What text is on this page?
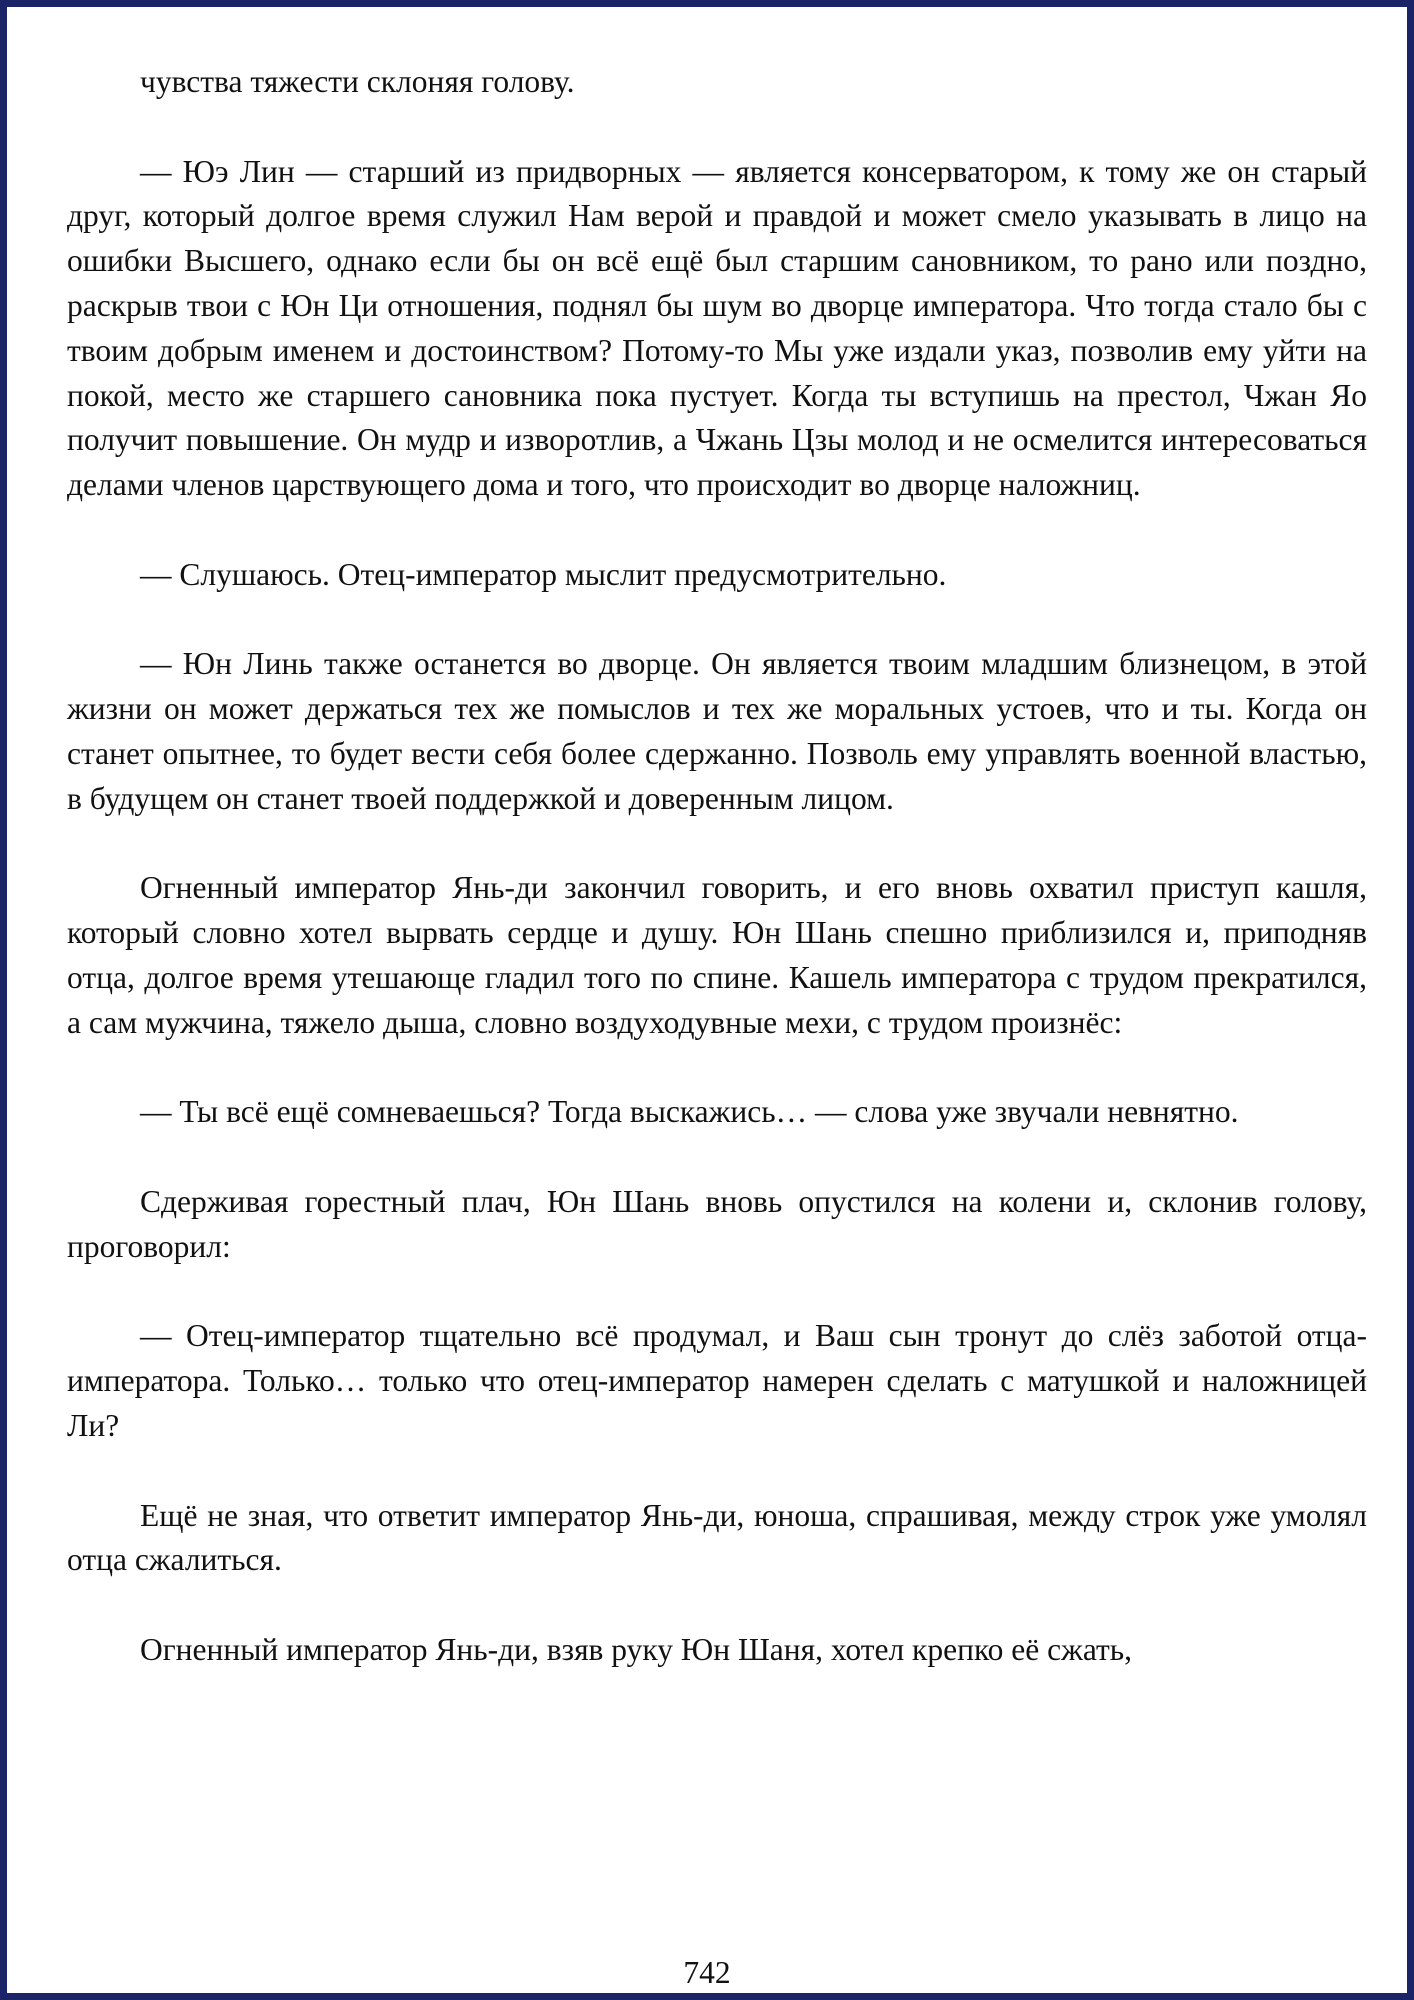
чувства тяжести склоняя голову.

— Юэ Лин — старший из придворных — является консерватором, к тому же он старый друг, который долгое время служил Нам верой и правдой и может смело указывать в лицо на ошибки Высшего, однако если бы он всё ещё был старшим сановником, то рано или поздно, раскрыв твои с Юн Ци отношения, поднял бы шум во дворце императора. Что тогда стало бы с твоим добрым именем и достоинством? Потому-то Мы уже издали указ, позволив ему уйти на покой, место же старшего сановника пока пустует. Когда ты вступишь на престол, Чжан Яо получит повышение. Он мудр и изворотлив, а Чжань Цзы молод и не осмелится интересоваться делами членов царствующего дома и того, что происходит во дворце наложниц.

— Слушаюсь. Отец-император мыслит предусмотрительно.

— Юн Линь также останется во дворце. Он является твоим младшим близнецом, в этой жизни он может держаться тех же помыслов и тех же моральных устоев, что и ты. Когда он станет опытнее, то будет вести себя более сдержанно. Позволь ему управлять военной властью, в будущем он станет твоей поддержкой и доверенным лицом.

Огненный император Янь-ди закончил говорить, и его вновь охватил приступ кашля, который словно хотел вырвать сердце и душу. Юн Шань спешно приблизился и, приподняв отца, долгое время утешающе гладил того по спине. Кашель императора с трудом прекратился, а сам мужчина, тяжело дыша, словно воздуходувные мехи, с трудом произнёс:

— Ты всё ещё сомневаешься? Тогда выскажись… — слова уже звучали невнятно.

Сдерживая горестный плач, Юн Шань вновь опустился на колени и, склонив голову, проговорил:

— Отец-император тщательно всё продумал, и Ваш сын тронут до слёз заботой отца-императора. Только… только что отец-император намерен сделать с матушкой и наложницей Ли?

Ещё не зная, что ответит император Янь-ди, юноша, спрашивая, между строк уже умолял отца сжалиться.

Огненный император Янь-ди, взяв руку Юн Шаня, хотел крепко её сжать,

742
